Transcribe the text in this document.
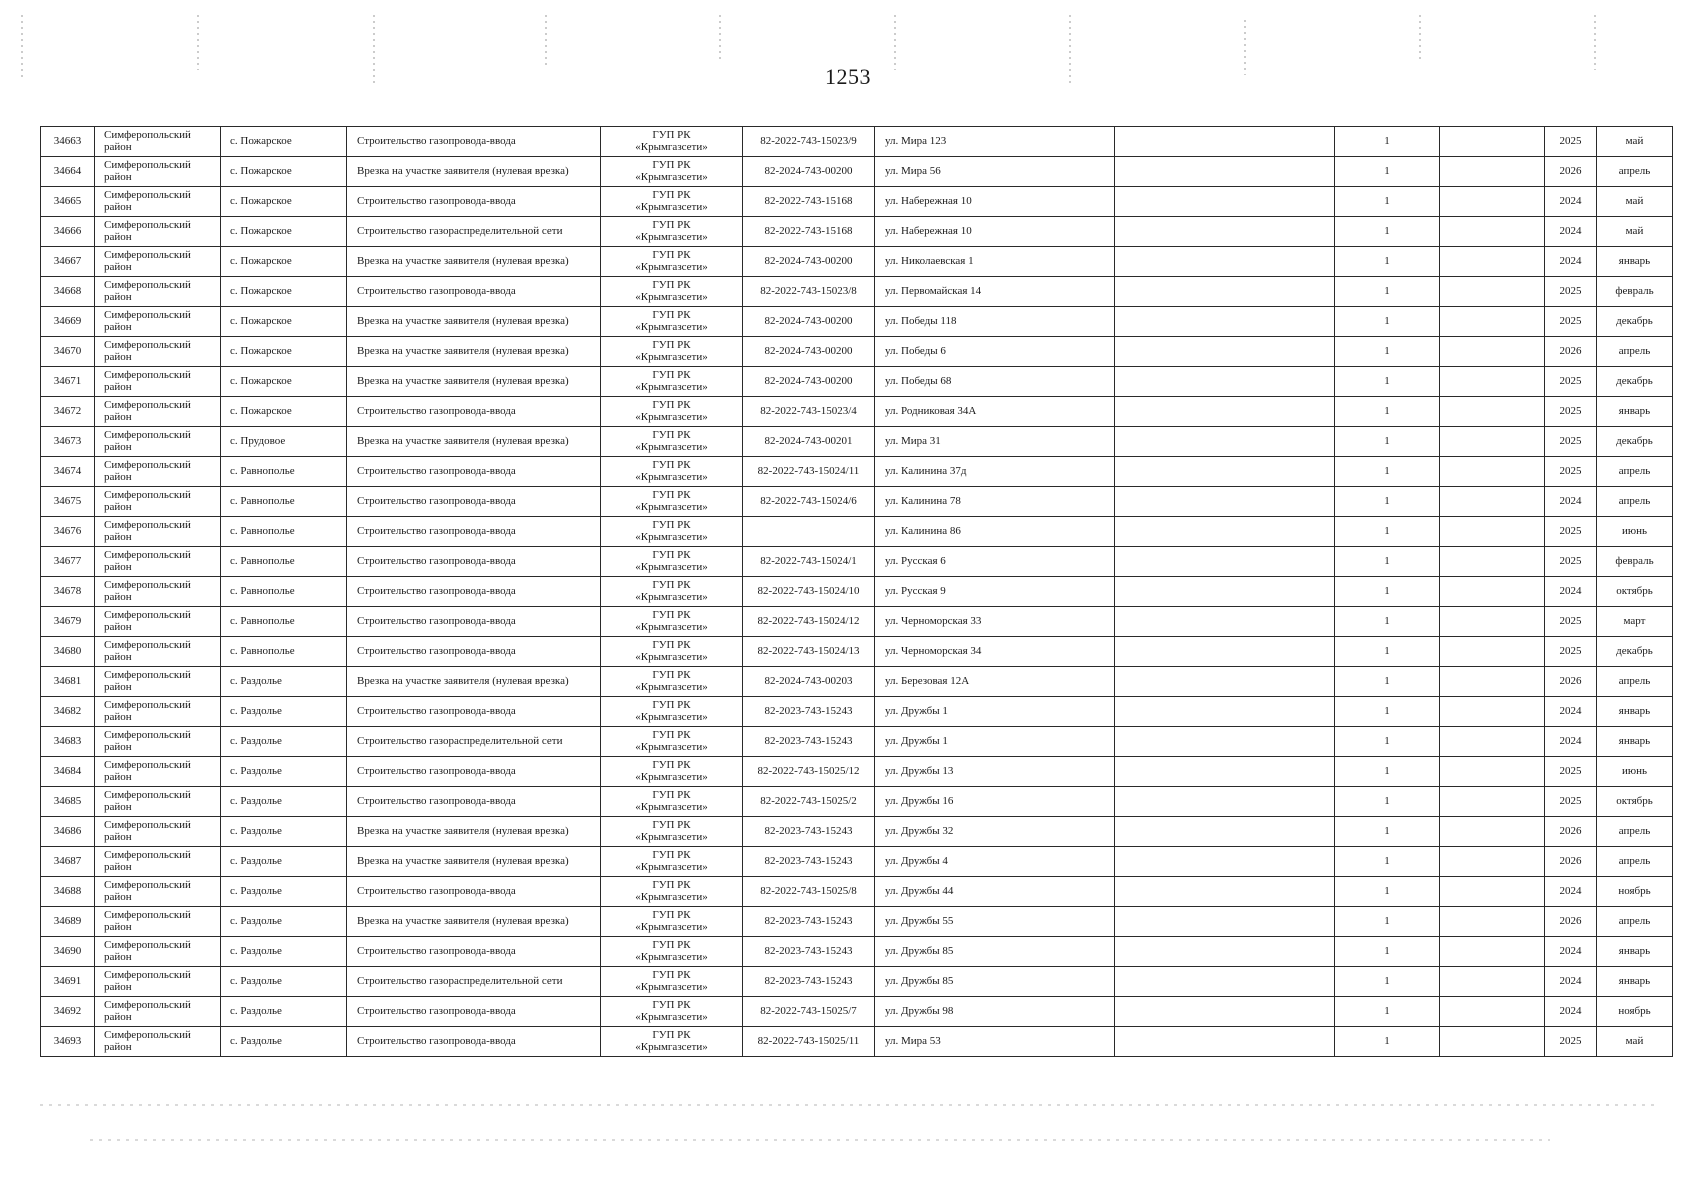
1253
34663	Симферопольский район	с. Пожарское	Строительство газопровода-ввода	ГУП РК
«Крымгазсети»	82-2022-743-15023/9	ул. Мира 123		1		2025	май
34664	Симферопольский район	с. Пожарское	Врезка на участке заявителя (нулевая врезка)	ГУП РК
«Крымгазсети»	82-2024-743-00200	ул. Мира 56		1		2026	апрель
34665	Симферопольский район	с. Пожарское	Строительство газопровода-ввода	ГУП РК
«Крымгазсети»	82-2022-743-15168	ул. Набережная 10		1		2024	май
34666	Симферопольский район	с. Пожарское	Строительство газораспределительной сети	ГУП РК
«Крымгазсети»	82-2022-743-15168	ул. Набережная 10		1		2024	май
34667	Симферопольский район	с. Пожарское	Врезка на участке заявителя (нулевая врезка)	ГУП РК
«Крымгазсети»	82-2024-743-00200	ул. Николаевская 1		1		2024	январь
34668	Симферопольский район	с. Пожарское	Строительство газопровода-ввода	ГУП РК
«Крымгазсети»	82-2022-743-15023/8	ул. Первомайская 14		1		2025	февраль
34669	Симферопольский район	с. Пожарское	Врезка на участке заявителя (нулевая врезка)	ГУП РК
«Крымгазсети»	82-2024-743-00200	ул. Победы 118		1		2025	декабрь
34670	Симферопольский район	с. Пожарское	Врезка на участке заявителя (нулевая врезка)	ГУП РК
«Крымгазсети»	82-2024-743-00200	ул. Победы 6		1		2026	апрель
34671	Симферопольский район	с. Пожарское	Врезка на участке заявителя (нулевая врезка)	ГУП РК
«Крымгазсети»	82-2024-743-00200	ул. Победы 68		1		2025	декабрь
34672	Симферопольский район	с. Пожарское	Строительство газопровода-ввода	ГУП РК
«Крымгазсети»	82-2022-743-15023/4	ул. Родниковая 34А		1		2025	январь
34673	Симферопольский район	с. Прудовое	Врезка на участке заявителя (нулевая врезка)	ГУП РК
«Крымгазсети»	82-2024-743-00201	ул. Мира 31		1		2025	декабрь
34674	Симферопольский район	с. Равнополье	Строительство газопровода-ввода	ГУП РК
«Крымгазсети»	82-2022-743-15024/11	ул. Калинина 37д		1		2025	апрель
34675	Симферопольский район	с. Равнополье	Строительство газопровода-ввода	ГУП РК
«Крымгазсети»	82-2022-743-15024/6	ул. Калинина 78		1		2024	апрель
34676	Симферопольский район	с. Равнополье	Строительство газопровода-ввода	ГУП РК
«Крымгазсети»		ул. Калинина 86		1		2025	июнь
34677	Симферопольский район	с. Равнополье	Строительство газопровода-ввода	ГУП РК
«Крымгазсети»	82-2022-743-15024/1	ул. Русская 6		1		2025	февраль
34678	Симферопольский район	с. Равнополье	Строительство газопровода-ввода	ГУП РК
«Крымгазсети»	82-2022-743-15024/10	ул. Русская 9		1		2024	октябрь
34679	Симферопольский район	с. Равнополье	Строительство газопровода-ввода	ГУП РК
«Крымгазсети»	82-2022-743-15024/12	ул. Черноморская 33		1		2025	март
34680	Симферопольский район	с. Равнополье	Строительство газопровода-ввода	ГУП РК
«Крымгазсети»	82-2022-743-15024/13	ул. Черноморская 34		1		2025	декабрь
34681	Симферопольский район	с. Раздолье	Врезка на участке заявителя (нулевая врезка)	ГУП РК
«Крымгазсети»	82-2024-743-00203	ул. Березовая 12А		1		2026	апрель
34682	Симферопольский район	с. Раздолье	Строительство газопровода-ввода	ГУП РК
«Крымгазсети»	82-2023-743-15243	ул. Дружбы 1		1		2024	январь
34683	Симферопольский район	с. Раздолье	Строительство газораспределительной сети	ГУП РК
«Крымгазсети»	82-2023-743-15243	ул. Дружбы 1		1		2024	январь
34684	Симферопольский район	с. Раздолье	Строительство газопровода-ввода	ГУП РК
«Крымгазсети»	82-2022-743-15025/12	ул. Дружбы 13		1		2025	июнь
34685	Симферопольский район	с. Раздолье	Строительство газопровода-ввода	ГУП РК
«Крымгазсети»	82-2022-743-15025/2	ул. Дружбы 16		1		2025	октябрь
34686	Симферопольский район	с. Раздолье	Врезка на участке заявителя (нулевая врезка)	ГУП РК
«Крымгазсети»	82-2023-743-15243	ул. Дружбы 32		1		2026	апрель
34687	Симферопольский район	с. Раздолье	Врезка на участке заявителя (нулевая врезка)	ГУП РК
«Крымгазсети»	82-2023-743-15243	ул. Дружбы 4		1		2026	апрель
34688	Симферопольский район	с. Раздолье	Строительство газопровода-ввода	ГУП РК
«Крымгазсети»	82-2022-743-15025/8	ул. Дружбы 44		1		2024	ноябрь
34689	Симферопольский район	с. Раздолье	Врезка на участке заявителя (нулевая врезка)	ГУП РК
«Крымгазсети»	82-2023-743-15243	ул. Дружбы 55		1		2026	апрель
34690	Симферопольский район	с. Раздолье	Строительство газопровода-ввода	ГУП РК
«Крымгазсети»	82-2023-743-15243	ул. Дружбы 85		1		2024	январь
34691	Симферопольский район	с. Раздолье	Строительство газораспределительной сети	ГУП РК
«Крымгазсети»	82-2023-743-15243	ул. Дружбы 85		1		2024	январь
34692	Симферопольский район	с. Раздолье	Строительство газопровода-ввода	ГУП РК
«Крымгазсети»	82-2022-743-15025/7	ул. Дружбы 98		1		2024	ноябрь
34693	Симферопольский район	с. Раздолье	Строительство газопровода-ввода	ГУП РК
«Крымгазсети»	82-2022-743-15025/11	ул. Мира 53		1		2025	май
